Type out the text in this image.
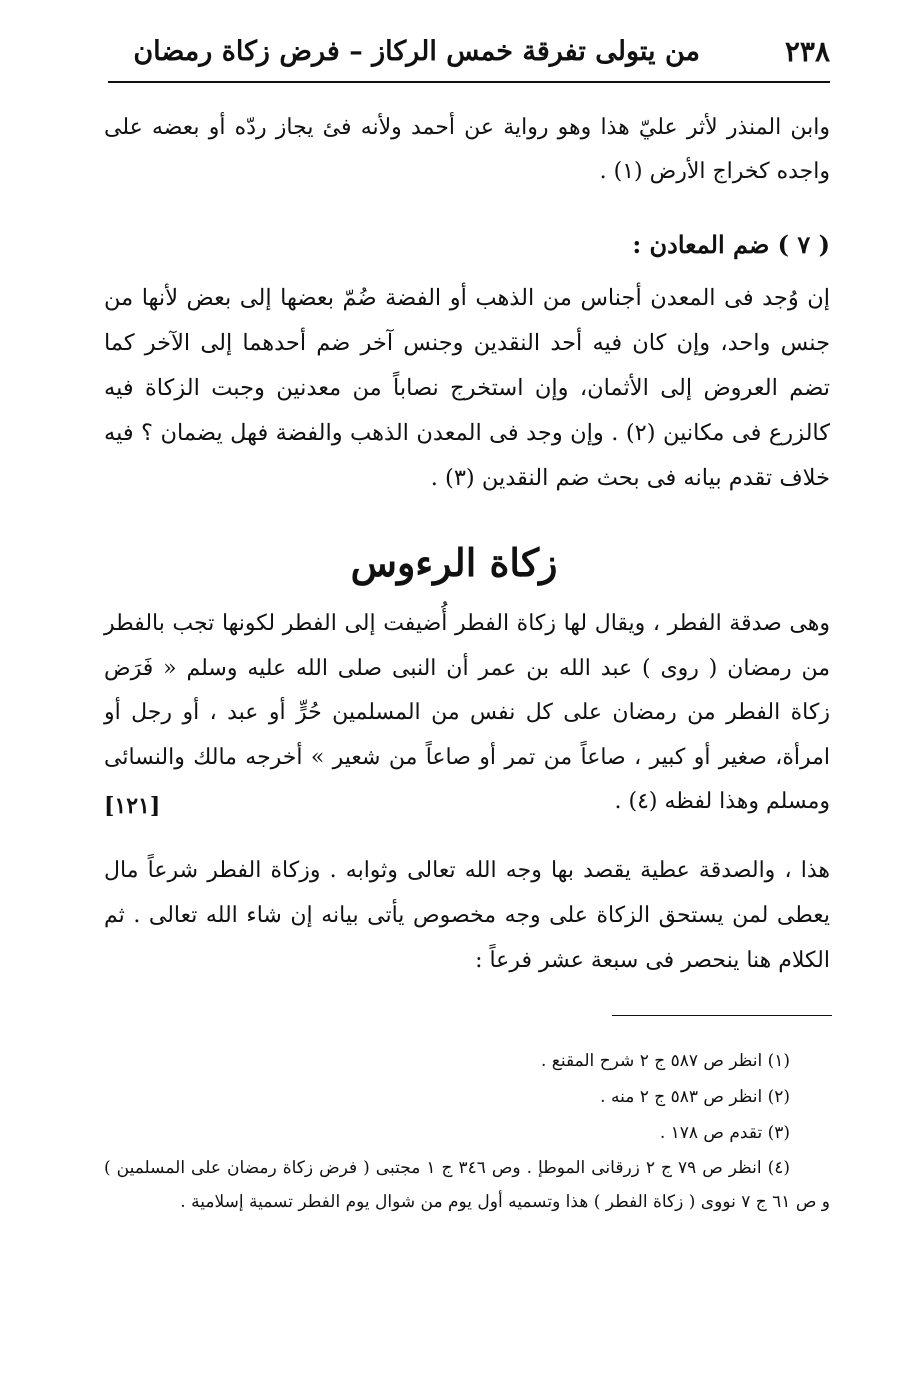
٢٣٨
من يتولى تفرقة خمس الركاز – فرض زكاة رمضان
وابن المنذر لأثر عليّ هذا وهو رواية عن أحمد ولأنه فئ يجاز ردّه أو بعضه على واجده كخراج الأرض (١) .
( ٧ ) ضم المعادن :
إن وُجد فى المعدن أجناس من الذهب أو الفضة ضُمّ بعضها إلى بعض لأنها من جنس واحد، وإن كان فيه أحد النقدين وجنس آخر ضم أحدهما إلى الآخر كما تضم العروض إلى الأثمان، وإن استخرج نصاباً من معدنين وجبت الزكاة فيه كالزرع فى مكانين (٢) . وإن وجد فى المعدن الذهب والفضة فهل يضمان ؟ فيه خلاف تقدم بيانه فى بحث ضم النقدين (٣) .
زكاة الرءوس
وهى صدقة الفطر ، ويقال لها زكاة الفطر أُضيفت إلى الفطر لكونها تجب بالفطر من رمضان ( روى ) عبد الله بن عمر أن النبى صلى الله عليه وسلم « فَرَض زكاة الفطر من رمضان على كل نفس من المسلمين حُرٍّ أو عبد ، أو رجل أو امرأة، صغير أو كبير ، صاعاً من تمر أو صاعاً من شعير » أخرجه مالك والنسائى ومسلم وهذا لفظه (٤) .
[١٢١]
هذا ، والصدقة عطية يقصد بها وجه الله تعالى وثوابه . وزكاة الفطر شرعاً مال يعطى لمن يستحق الزكاة على وجه مخصوص يأتى بيانه إن شاء الله تعالى . ثم الكلام هنا ينحصر فى سبعة عشر فرعاً :
(١) انظر ص ٥٨٧ ج ٢ شرح المقنع .
(٢) انظر ص ٥٨٣ ج ٢ منه .
(٣) تقدم ص ١٧٨ .
(٤) انظر ص ٧٩ ج ٢ زرقانى الموطإ . وص ٣٤٦ ج ١ مجتبى ( فرض زكاة رمضان على المسلمين ) و ص ٦١ ج ٧ نووى ( زكاة الفطر ) هذا وتسميه أول يوم من شوال يوم الفطر تسمية إسلامية .
